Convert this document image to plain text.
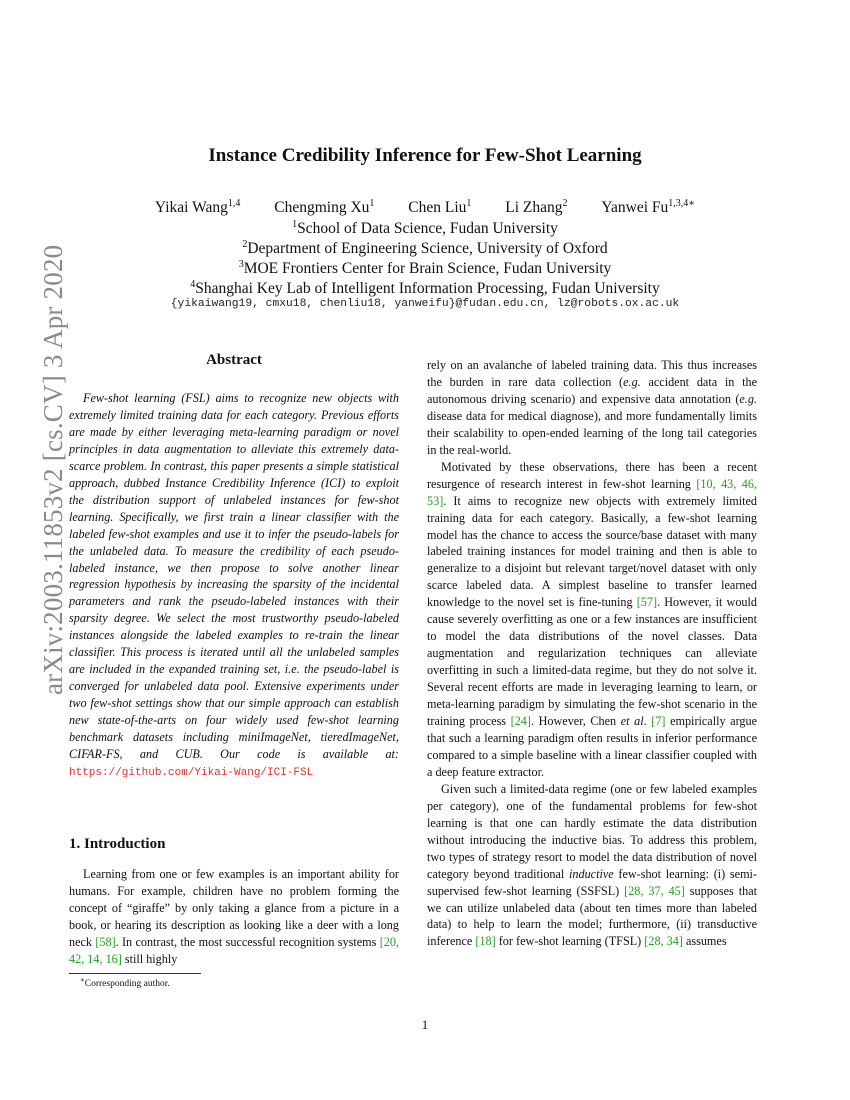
arXiv:2003.11853v2 [cs.CV] 3 Apr 2020
Instance Credibility Inference for Few-Shot Learning
Yikai Wang$^{1,4}$ Chengming Xu$^1$ Chen Liu$^1$ Li Zhang$^2$ Yanwei $Fu^{1,3,4∗}$
$^1$School of Data Science, Fudan University
$^2$Department of Engineering Science, University of Oxford
$^3$MOE Frontiers Center for Brain Science, Fudan University
$^4$Shanghai Key Lab of Intelligent Information Processing, Fudan University
{yikaiwang19, cmxu18, chenliu18, yanweifu}@fudan.edu.cn, lz@robots.ox.ac.uk
Abstract

Few-shot learning (FSL) aims to recognize new objects with extremely limited training data for each category. Previous efforts are made by either leveraging meta-learning paradigm or novel principles in data augmentation to alleviate this extremely data-scarce problem. In contrast, this paper presents a simple statistical approach, dubbed Instance Credibility Inference (ICI) to exploit the distribution support of unlabeled instances for few-shot learning. Specifically, we first train a linear classifier with the labeled few-shot examples and use it to infer the pseudo-labels for the unlabeled data. To measure the credibility of each pseudo-labeled instance, we then propose to solve another linear regression hypothesis by increasing the sparsity of the incidental parameters and rank the pseudo-labeled instances with their sparsity degree. We select the most trustworthy pseudo-labeled instances alongside the labeled examples to re-train the linear classifier. This process is iterated until all the unlabeled samples are included in the expanded training set, i.e. the pseudo-label is converged for unlabeled data pool. Extensive experiments under two few-shot settings show that our simple approach can establish new state-of-the-arts on four widely used few-shot learning benchmark datasets including miniImageNet, tieredImageNet, CIFAR-FS, and CUB. Our code is available at: https://github.com/Yikai-Wang/ICI-FSL

1. Introduction

Learning from one or few examples is an important ability for humans. For example, children have no problem forming the concept of “giraffe” by only taking a glance from a picture in a book, or hearing its description as looking like a deer with a long neck [58]. In contrast, the most successful recognition systems [20, 42, 14, 16] still highly

rely on an avalanche of labeled training data. This thus increases the burden in rare data collection (e.g. accident data in the autonomous driving scenario) and expensive data annotation (e.g. disease data for medical diagnose), and more fundamentally limits their scalability to open-ended learning of the long tail categories in the real-world.

Motivated by these observations, there has been a recent resurgence of research interest in few-shot learning [10, 43, 46, 53]. It aims to recognize new objects with extremely limited training data for each category. Basically, a few-shot learning model has the chance to access the source/base dataset with many labeled training instances for model training and then is able to generalize to a disjoint but relevant target/novel dataset with only scarce labeled data. A simplest baseline to transfer learned knowledge to the novel set is fine-tuning [57]. However, it would cause severely overfitting as one or a few instances are insufficient to model the data distributions of the novel classes. Data augmentation and regularization techniques can alleviate overfitting in such a limited-data regime, but they do not solve it. Several recent efforts are made in leveraging learning to learn, or meta-learning paradigm by simulating the few-shot scenario in the training process [24]. However, Chen et al. [7] empirically argue that such a learning paradigm often results in inferior performance compared to a simple baseline with a linear classifier coupled with a deep feature extractor.

Given such a limited-data regime (one or few labeled examples per category), one of the fundamental problems for few-shot learning is that one can hardly estimate the data distribution without introducing the inductive bias. To address this problem, two types of strategy resort to model the data distribution of novel category beyond traditional inductive few-shot learning: (i) semi-supervised few-shot learning (SSFSL) [28, 37, 45] supposes that we can utilize unlabeled data (about ten times more than labeled data) to help to learn the model; furthermore, (ii) transductive inference [18] for few-shot learning (TFSL) [28, 34] assumes

∗Corresponding author.
1
